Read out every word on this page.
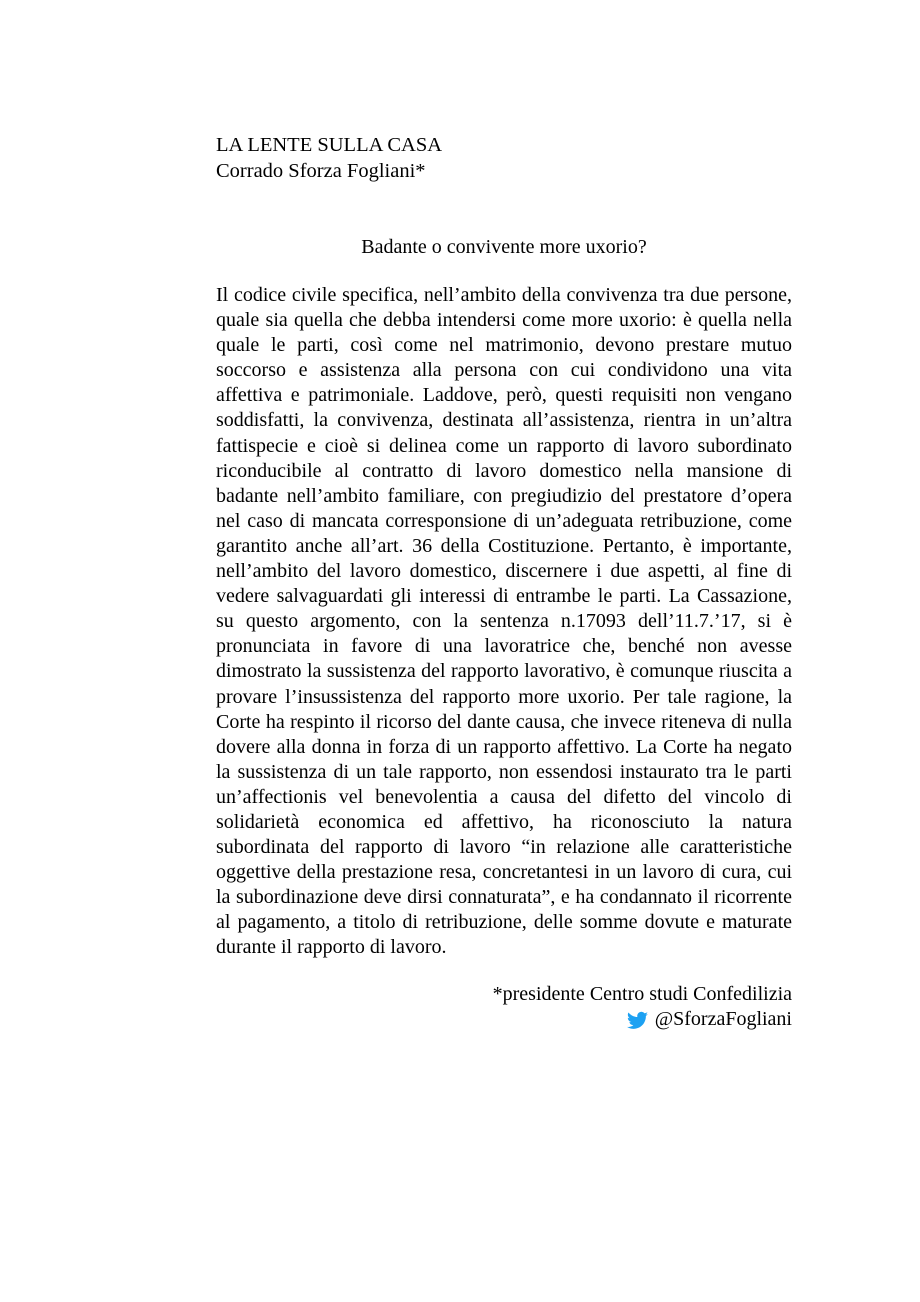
LA LENTE SULLA CASA
Corrado Sforza Fogliani*
Badante o convivente more uxorio?
Il codice civile specifica, nell’ambito della convivenza tra due persone, quale sia quella che debba intendersi come more uxorio: è quella nella quale le parti, così come nel matrimonio, devono prestare mutuo soccorso e assistenza alla persona con cui condividono una vita affettiva e patrimoniale. Laddove, però, questi requisiti non vengano soddisfatti, la convivenza, destinata all’assistenza, rientra in un’altra fattispecie e cioè si delinea come un rapporto di lavoro subordinato riconducibile al contratto di lavoro domestico nella mansione di badante nell’ambito familiare, con pregiudizio del prestatore d’opera nel caso di mancata corresponsione di un’adeguata retribuzione, come garantito anche all’art. 36 della Costituzione. Pertanto, è importante, nell’ambito del lavoro domestico, discernere i due aspetti, al fine di vedere salvaguardati gli interessi di entrambe le parti. La Cassazione, su questo argomento, con la sentenza n.17093 dell’11.7.’17, si è pronunciata in favore di una lavoratrice che, benché non avesse dimostrato la sussistenza del rapporto lavorativo, è comunque riuscita a provare l’insussistenza del rapporto more uxorio. Per tale ragione, la Corte ha respinto il ricorso del dante causa, che invece riteneva di nulla dovere alla donna in forza di un rapporto affettivo. La Corte ha negato la sussistenza di un tale rapporto, non essendosi instaurato tra le parti un’affectionis vel benevolentia a causa del difetto del vincolo di solidarietà economica ed affettivo, ha riconosciuto la natura subordinata del rapporto di lavoro “in relazione alle caratteristiche oggettive della prestazione resa, concretantesi in un lavoro di cura, cui la subordinazione deve dirsi connaturata”, e ha condannato il ricorrente al pagamento, a titolo di retribuzione, delle somme dovute e maturate durante il rapporto di lavoro.
*presidente Centro studi Confedilizia
@SforzaFogliani
